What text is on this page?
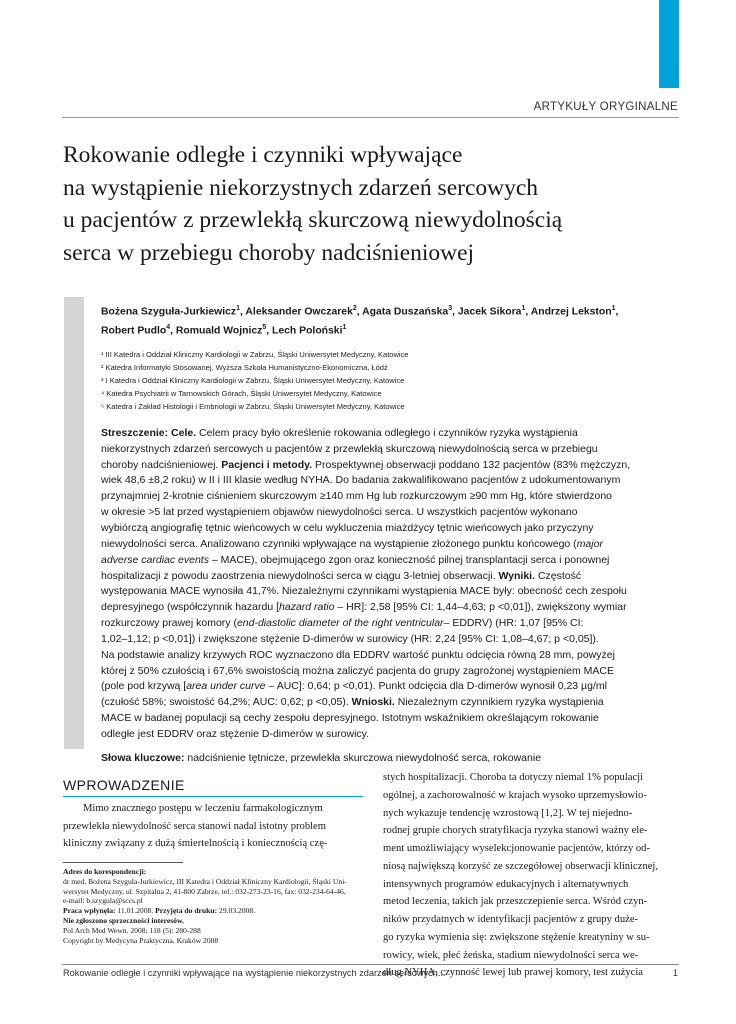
ARTYKUŁY ORYGINALNE
Rokowanie odległe i czynniki wpływające
na wystąpienie niekorzystnych zdarzeń sercowych
u pacjentów z przewlekłą skurczową niewydolnością
serca w przebiegu choroby nadciśnieniowej
Bożena Szyguła-Jurkiewicz$^1$, Aleksander Owczarek$^2$, Agata Duszańska$^3$, Jacek Sikora$^1$, Andrzej Lekston$^1$,
Robert Pudlo$^4$, Romuald Wojnicz$^5$, Lech Poloński$^1$
¹ III Katedra i Oddział Kliniczny Kardiologii w Zabrzu, Śląski Uniwersytet Medyczny, Katowice
² Katedra Informatyki Stosowanej, Wyższa Szkoła Humanistyczno-Ekonomiczna, Łódź
³ I Katedra i Oddział Kliniczny Kardiologii w Zabrzu, Śląski Uniwersytet Medyczny, Katowice
⁴ Katedra Psychiatrii w Tarnowskich Górach, Śląski Uniwersytet Medyczny, Katowice
⁵ Katedra i Zakład Histologii i Embriologii w Zabrzu, Śląski Uniwersytet Medyczny, Katowice
Streszczenie: Cele. Celem pracy było określenie rokowania odległego i czynników ryzyka wystąpienia
niekorzystnych zdarzeń sercowych u pacjentów z przewlekłą skurczową niewydolnością serca w przebiegu
choroby nadciśnieniowej. Pacjenci i metody. Prospektywnej obserwacji poddano 132 pacjentów (83% mężczyzn,
wiek 48,6 ±8,2 roku) w II i III klasie według NYHA. Do badania zakwalifikowano pacjentów z udokumentowanym
przynajmniej 2-krotnie ciśnieniem skurczowym ≥140 mm Hg lub rozkurczowym ≥90 mm Hg, które stwierdzono
w okresie >5 lat przed wystąpieniem objawów niewydolności serca. U wszystkich pacjentów wykonano
wybiórczą angiografię tętnic wieńcowych w celu wykluczenia miażdżycy tętnic wieńcowych jako przyczyny
niewydolności serca. Analizowano czynniki wpływające na wystąpienie złożonego punktu końcowego (major
adverse cardiac events – MACE), obejmującego zgon oraz konieczność pilnej transplantacji serca i ponownej
hospitalizacji z powodu zaostrzenia niewydolności serca w ciągu 3-letniej obserwacji. Wyniki. Częstość
występowania MACE wynosiła 41,7%. Niezależnymi czynnikami wystąpienia MACE były: obecność cech zespołu
depresyjnego (współczynnik hazardu [hazard ratio – HR]: 2,58 [95% CI: 1,44–4,63; p <0,01]), zwiększony wymiar
rozkurczowy prawej komory (end-diastolic diameter of the right ventricular– EDDRV) (HR: 1,07 [95% CI:
1,02–1,12; p <0,01]) i zwiększone stężenie D-dimerów w surowicy (HR: 2,24 [95% CI: 1,08–4,67; p <0,05]).
Na podstawie analizy krzywych ROC wyznaczono dla EDDRV wartość punktu odcięcia równą 28 mm, powyżej
której z 50% czułością i 67,6% swoistością można zaliczyć pacjenta do grupy zagrożonej wystąpieniem MACE
(pole pod krzywą [area under curve – AUC]: 0,64; p <0,01). Punkt odcięcia dla D-dimerów wynosił 0,23 µg/ml
(czułość 58%; swoistość 64,2%; AUC: 0,62; p <0,05). Wnioski. Niezależnym czynnikiem ryzyka wystąpienia
MACE w badanej populacji są cechy zespołu depresyjnego. Istotnym wskaźnikiem określającym rokowanie
odległe jest EDDRV oraz stężenie D-dimerów w surowicy.
Słowa kluczowe: nadciśnienie tętnicze, przewlekła skurczowa niewydolność serca, rokowanie
WPROWADZENIE
Mimo znacznego postępu w leczeniu farmakologicznym
przewlekła niewydolność serca stanowi nadal istotny problem
kliniczny związany z dużą śmiertelnością i koniecznością czę-
Adres do korespondencji:
dr med. Bożena Szyguła-Jurkiewicz, III Katedra i Oddział Kliniczny Kardiologii, Śląski Uni-
wersytet Medyczny, ul. Szpitalna 2, 41-800 Zabrze, tel.: 032-273-23-16, fax: 032-234-64-46,
e-mail: b.szygula@sccs.pl
Praca wpłynęła: 11.01.2008. Przyjęta do druku: 29.03.2008.
Nie zgłoszono sprzeczności interesów.
Pol Arch Med Wewn. 2008; 118 (5): 280-288
Copyright by Medycyna Praktyczna, Kraków 2008
stych hospitalizacji. Choroba ta dotyczy niemal 1% populacji
ogólnej, a zachorowalność w krajach wysoko uprzemysłowio-
nych wykazuje tendencję wzrostową [1,2]. W tej niejedno-
rodnej grupie chorych stratyfikacja ryzyka stanowi ważny ele-
ment umożliwiający wyselekcjonowanie pacjentów, którzy od-
niosą największą korzyść ze szczegółowej obserwacji klinicznej,
intensywnych programów edukacyjnych i alternatywnych
metod leczenia, takich jak przeszczepienie serca. Wśród czyn-
ników przydatnych w identyfikacji pacjentów z grupy duże-
go ryzyka wymienia się: zwiększone stężenie kreatyniny w su-
rowicy, wiek, płeć żeńska, stadium niewydolności serca we-
dług NYHA, czynność lewej lub prawej komory, test zużycia
Rokowanie odległe i czynniki wpływające na wystąpienie niekorzystnych zdarzeń sercowych...	1
